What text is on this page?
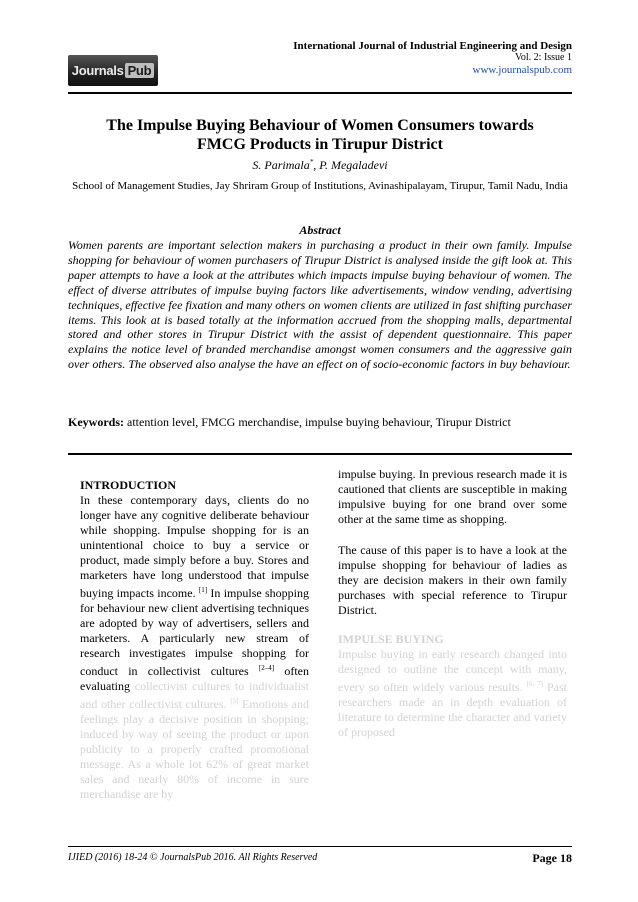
Journals Pub
International Journal of Industrial Engineering and Design
Vol. 2: Issue 1
www.journalspub.com
The Impulse Buying Behaviour of Women Consumers towards
FMCG Products in Tirupur District
S. Parimala*, P. Megaladevi
School of Management Studies, Jay Shriram Group of Institutions, Avinashipalayam, Tirupur, Tamil Nadu, India
Abstract
Women parents are important selection makers in purchasing a product in their own family. Impulse shopping for behaviour of women purchasers of Tirupur District is analysed inside the gift look at. This paper attempts to have a look at the attributes which impacts impulse buying behaviour of women. The effect of diverse attributes of impulse buying factors like advertisements, window vending, advertising techniques, effective fee fixation and many others on women clients are utilized in fast shifting purchaser items. This look at is based totally at the information accrued from the shopping malls, departmental stored and other stores in Tirupur District with the assist of dependent questionnaire. This paper explains the notice level of branded merchandise amongst women consumers and the aggressive gain over others. The observed also analyse the have an effect on of socio-economic factors in buy behaviour.
Keywords: attention level, FMCG merchandise, impulse buying behaviour, Tirupur District
INTRODUCTION

In these contemporary days, clients do no longer have any cognitive deliberate behaviour while shopping. Impulse shopping for is an unintentional choice to buy a service or product, made simply before a buy. Stores and marketers have long understood that impulse buying impacts income. [1] In impulse shopping for behaviour new client advertising techniques are adopted by way of advertisers, sellers and marketers. A particularly new stream of research investigates impulse shopping for conduct in collectivist cultures [2–4] often evaluating collectivist cultures to individualist and other collectivist cultures. [5] Emotions and feelings play a decisive position in shopping; induced by way of seeing the product or upon publicity to a properly crafted promotional message. As a whole lot 62% of great market sales and nearly 80% of income in sure merchandise are by

impulse buying. In previous research made it is cautioned that clients are susceptible in making impulsive buying for one brand over some other at the same time as shopping.

The cause of this paper is to have a look at the impulse shopping for behaviour of ladies as they are decision makers in their own family purchases with special reference to Tirupur District.

IMPULSE BUYING

Impulse buying in early research changed into designed to outline the concept with many, every so often widely various results. [6, 7] Past researchers made an in depth evaluation of literature to determine the character and variety of proposed

IJIED (2016) 18-24 © JournalsPub 2016. All Rights Reserved	Page 18
